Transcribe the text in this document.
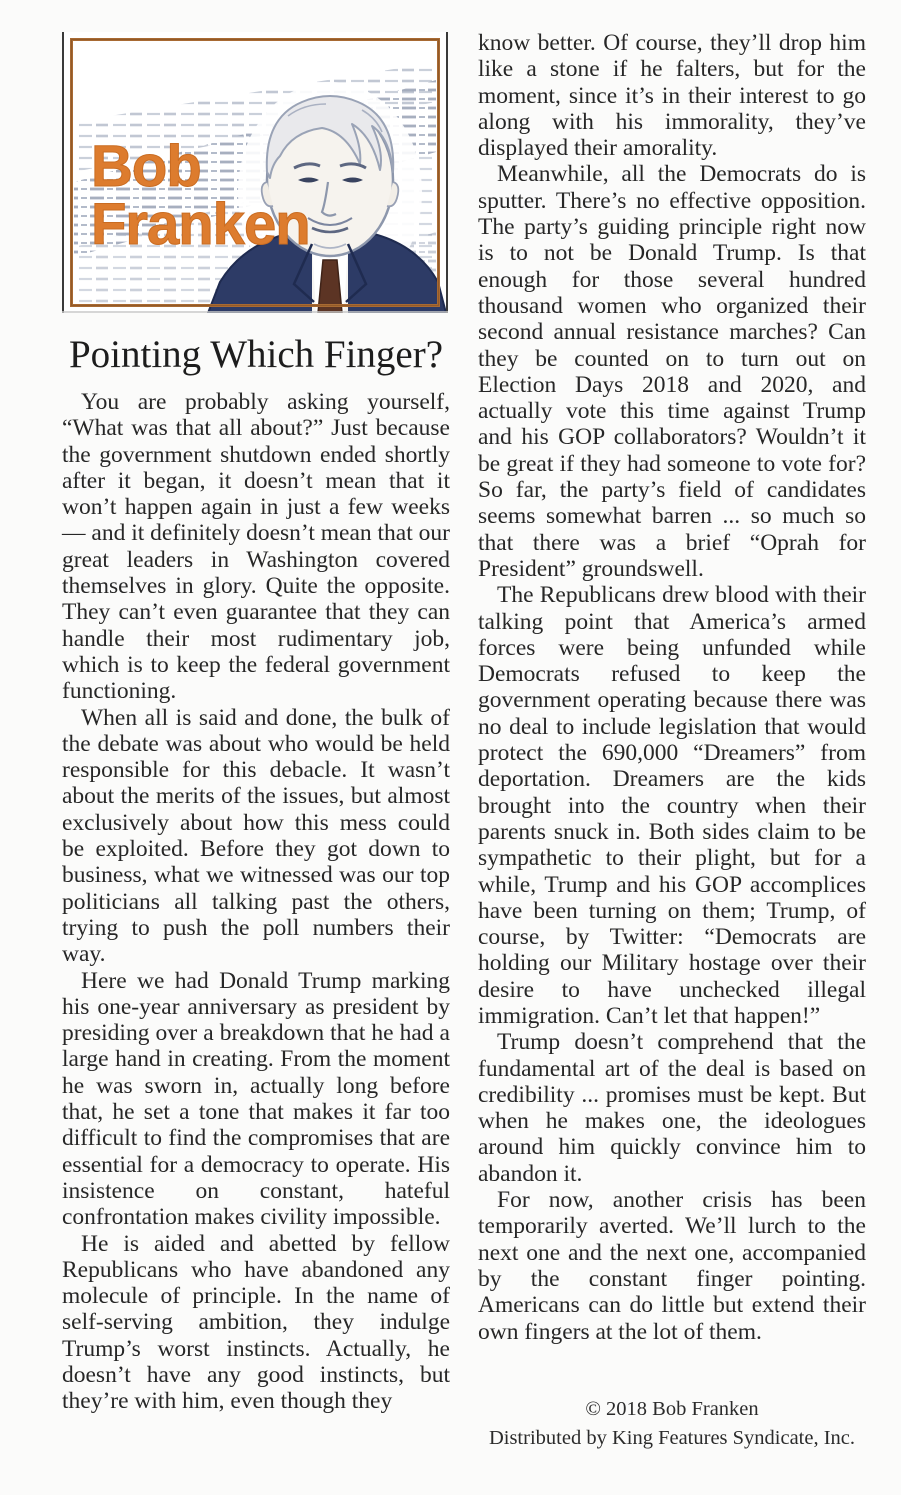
Bob
Franken
Pointing Which Finger?

You are probably asking yourself, “What was that all about?” Just because the government shutdown ended shortly after it began, it doesn’t mean that it won’t happen again in just a few weeks — and it definitely doesn’t mean that our great leaders in Washington covered themselves in glory. Quite the opposite. They can’t even guarantee that they can handle their most rudimentary job, which is to keep the federal government functioning.

When all is said and done, the bulk of the debate was about who would be held responsible for this debacle. It wasn’t about the merits of the issues, but almost exclusively about how this mess could be exploited. Before they got down to business, what we witnessed was our top politicians all talking past the others, trying to push the poll numbers their way.

Here we had Donald Trump marking his one-year anniversary as president by presiding over a breakdown that he had a large hand in creating. From the moment he was sworn in, actually long before that, he set a tone that makes it far too difficult to find the compromises that are essential for a democracy to operate. His insistence on constant, hateful confrontation makes civility impossible.

He is aided and abetted by fellow Republicans who have abandoned any molecule of principle. In the name of self-serving ambition, they indulge Trump’s worst instincts. Actually, he doesn’t have any good instincts, but they’re with him, even though they

know better. Of course, they’ll drop him like a stone if he falters, but for the moment, since it’s in their interest to go along with his immorality, they’ve displayed their amorality.

Meanwhile, all the Democrats do is sputter. There’s no effective opposition. The party’s guiding principle right now is to not be Donald Trump. Is that enough for those several hundred thousand women who organized their second annual resistance marches? Can they be counted on to turn out on Election Days 2018 and 2020, and actually vote this time against Trump and his GOP collaborators? Wouldn’t it be great if they had someone to vote for? So far, the party’s field of candidates seems somewhat barren ... so much so that there was a brief “Oprah for President” groundswell.

The Republicans drew blood with their talking point that America’s armed forces were being unfunded while Democrats refused to keep the government operating because there was no deal to include legislation that would protect the 690,000 “Dreamers” from deportation. Dreamers are the kids brought into the country when their parents snuck in. Both sides claim to be sympathetic to their plight, but for a while, Trump and his GOP accomplices have been turning on them; Trump, of course, by Twitter: “Democrats are holding our Military hostage over their desire to have unchecked illegal immigration. Can’t let that happen!”

Trump doesn’t comprehend that the fundamental art of the deal is based on credibility ... promises must be kept. But when he makes one, the ideologues around him quickly convince him to abandon it.

For now, another crisis has been temporarily averted. We’ll lurch to the next one and the next one, accompanied by the constant finger pointing. Americans can do little but extend their own fingers at the lot of them.

© 2018 Bob Franken
Distributed by King Features Syndicate, Inc.
